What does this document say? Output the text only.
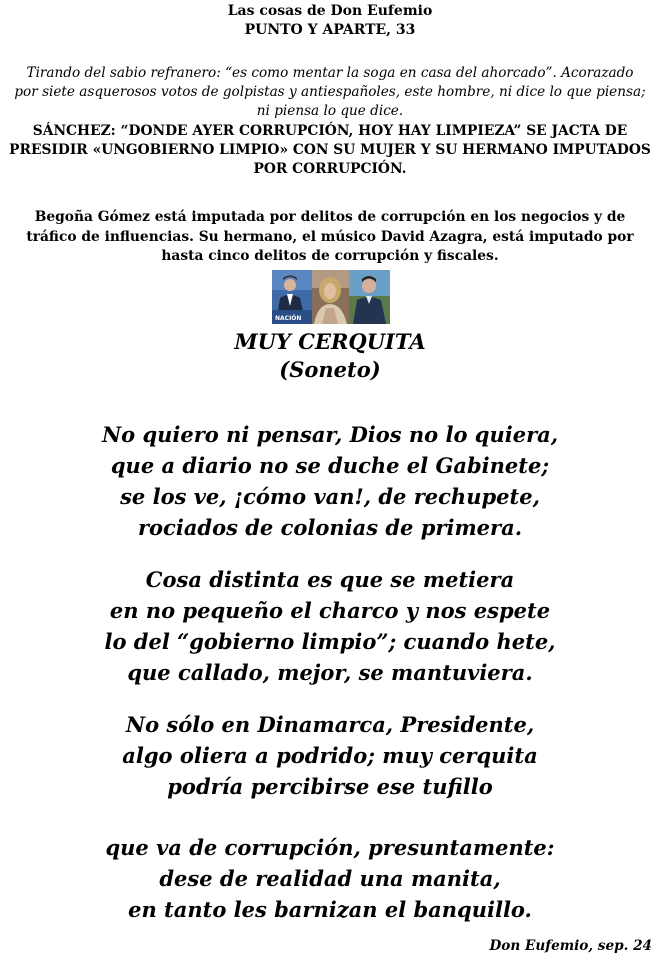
Las cosas de Don Eufemio
PUNTO Y APARTE, 33
Tirando del sabio refranero: “es como mentar la soga en casa del ahorcado”. Acorazado
por siete asquerosos votos de golpistas y antiespañoles, este hombre, ni dice lo que piensa;
ni piensa lo que dice.
SÁNCHEZ: “DONDE AYER CORRUPCIÓN, HOY HAY LIMPIEZA” SE JACTA DE
PRESIDIR «UNGOBIERNO LIMPIO» CON SU MUJER Y SU HERMANO IMPUTADOS
POR CORRUPCIÓN.
Begoña Gómez está imputada por delitos de corrupción en los negocios y de
tráfico de influencias. Su hermano, el músico David Azagra, está imputado por
hasta cinco delitos de corrupción y fiscales.
NACIÓN
MUY CERQUITA
(Soneto)
No quiero ni pensar, Dios no lo quiera,
que a diario no se duche el Gabinete;
se los ve, ¡cómo van!, de rechupete,
rociados de colonias de primera.
Cosa distinta es que se metiera
en no pequeño el charco y nos espete
lo del “gobierno limpio”; cuando hete,
que callado, mejor, se mantuviera.
No sólo en Dinamarca, Presidente,
algo oliera a podrido; muy cerquita
podría percibirse ese tufillo
que va de corrupción, presuntamente:
dese de realidad una manita,
en tanto les barnizan el banquillo.
Don Eufemio, sep. 24
